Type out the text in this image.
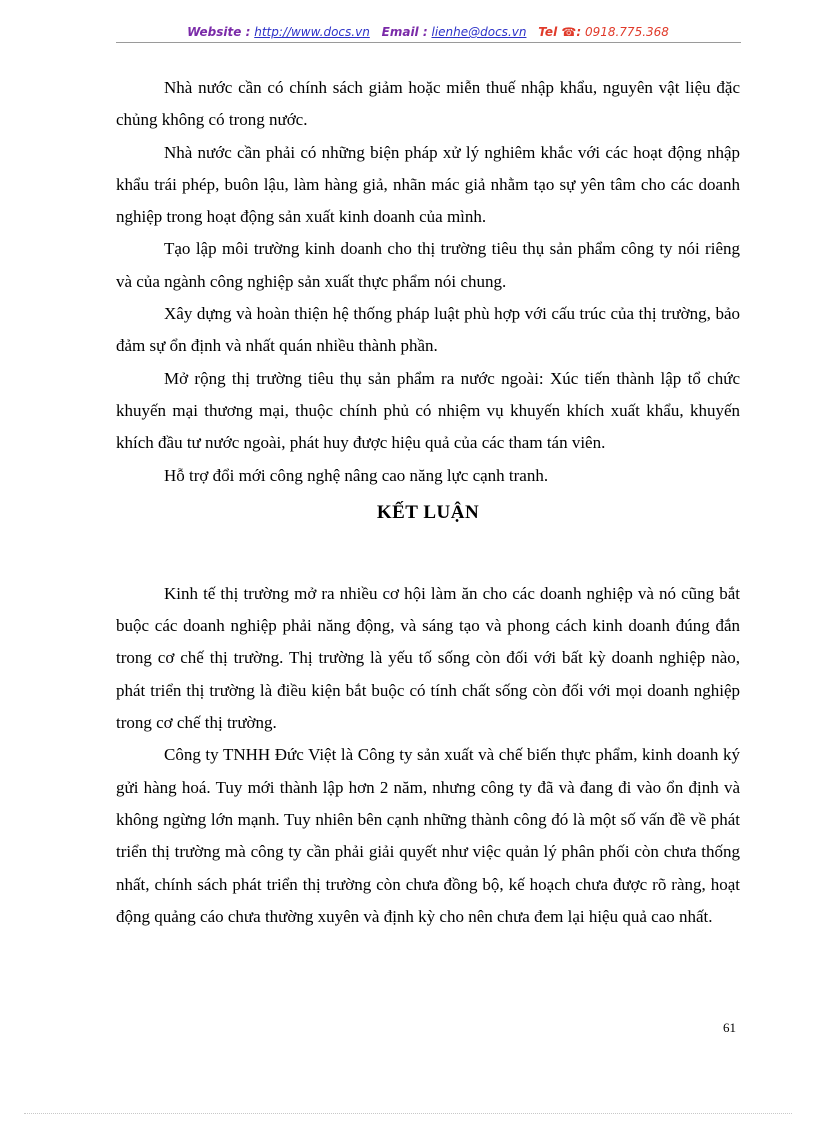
Website : http://www.docs.vn Email : lienhe@docs.vn Tel ☎: 0918.775.368

Nhà nước cần có chính sách giảm hoặc miễn thuế nhập khẩu, nguyên vật liệu đặc chủng không có trong nước.

Nhà nước cần phải có những biện pháp xử lý nghiêm khắc với các hoạt động nhập khẩu trái phép, buôn lậu, làm hàng giả, nhãn mác giả nhằm tạo sự yên tâm cho các doanh nghiệp trong hoạt động sản xuất kinh doanh của mình.

Tạo lập môi trường kinh doanh cho thị trường tiêu thụ sản phẩm công ty nói riêng và của ngành công nghiệp sản xuất thực phẩm nói chung.

Xây dựng và hoàn thiện hệ thống pháp luật phù hợp với cấu trúc của thị trường, bảo đảm sự ổn định và nhất quán nhiều thành phần.

Mở rộng thị trường tiêu thụ sản phẩm ra nước ngoài: Xúc tiến thành lập tổ chức khuyến mại thương mại, thuộc chính phủ có nhiệm vụ khuyến khích xuất khẩu, khuyến khích đầu tư nước ngoài, phát huy được hiệu quả của các tham tán viên.

Hỗ trợ đổi mới công nghệ nâng cao năng lực cạnh tranh.

KẾT LUẬN

Kinh tế thị trường mở ra nhiều cơ hội làm ăn cho các doanh nghiệp và nó cũng bắt buộc các doanh nghiệp phải năng động, và sáng tạo và phong cách kinh doanh đúng đắn trong cơ chế thị trường. Thị trường là yếu tố sống còn đối với bất kỳ doanh nghiệp nào, phát triển thị trường là điều kiện bắt buộc có tính chất sống còn đối với mọi doanh nghiệp trong cơ chế thị trường.

Công ty TNHH Đức Việt là Công ty sản xuất và chế biến thực phẩm, kinh doanh ký gửi hàng hoá. Tuy mới thành lập hơn 2 năm, nhưng công ty đã và đang đi vào ổn định và không ngừng lớn mạnh. Tuy nhiên bên cạnh những thành công đó là một số vấn đề về phát triển thị trường mà công ty cần phải giải quyết như việc quản lý phân phối còn chưa thống nhất, chính sách phát triển thị trường còn chưa đồng bộ, kế hoạch chưa được rõ ràng, hoạt động quảng cáo chưa thường xuyên và định kỳ cho nên chưa đem lại hiệu quả cao nhất.

61
